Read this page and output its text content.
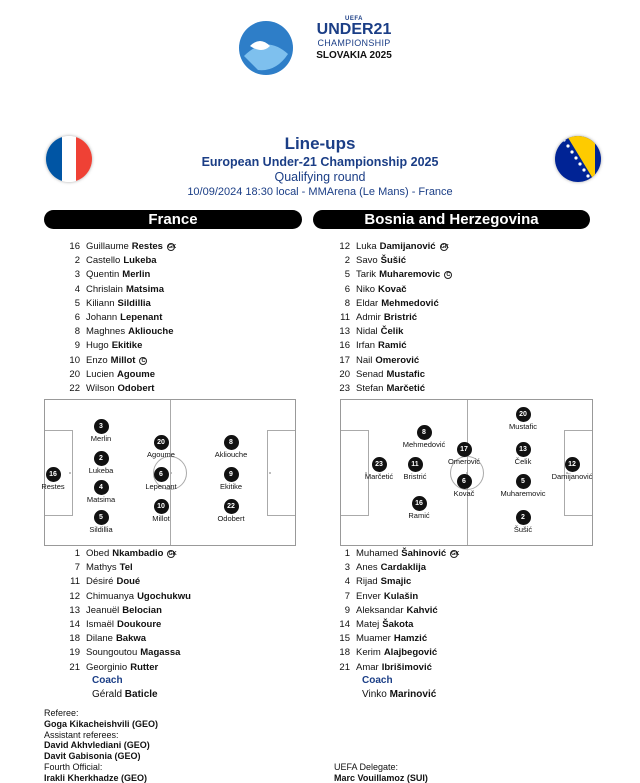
UEFA
UNDER21
CHAMPIONSHIP
SLOVAKIA 2025
Line-ups
European Under-21 Championship 2025
Qualifying round
10/09/2024 18:30 local - MMArena (Le Mans) - France
France	Bosnia and Herzegovina
16 Guillaume Restes GK
2 Castello Lukeba
3 Quentin Merlin
4 Chrislain Matsima
5 Kiliann Sildillia
6 Johann Lepenant
8 Maghnes Akliouche
9 Hugo Ekitike
10 Enzo Millot	C
20 Lucien Agoume
22 Wilson Odobert
12 Luka Damijanović GK
2 Savo Šušić
5 Tarik Muharemovic	C
6 Niko Kovač
8 Eldar Mehmedović
11 Admir Bristrić
13 Nidal Čelik
16 Irfan Ramić
17 Nail Omerović
20 Senad Mustafic
23 Stefan Marčetić
16
Restes
3
Merlin
2
Lukeba
4
Matsima
5
Sildillia
20
Agoume
6
Lepenant
10
Millot
8
Akliouche
9
Ekitike
22
Odobert
8
Mehmedović
23
Marčetić
11
Bristrić
16
Ramić
17
Omerović
6
Kovač
20
Mustafic
13
Čelik
5
Muharemovic
2
Šušić
12
Damijanović
1 Obed Nkambadio GK
7 Mathys Tel
11 Désiré Doué
12 Chimuanya Ugochukwu
13 Jeanuël Belocian
14 Ismaël Doukoure
18 Dilane Bakwa
19 Soungoutou Magassa
21 Georginio Rutter
1 Muhamed Šahinović GK
3 Anes Cardaklija
4 Rijad Smajic
7 Enver Kulašin
9 Aleksandar Kahvić
14 Matej Šakota
15 Muamer Hamzić
18 Kerim Alajbegović
21 Amar Ibrišimović
Coach
Gérald Baticle
Coach
Vinko Marinović
Referee:
Goga Kikacheishvili (GEO)
Assistant referees:
David Akhvlediani (GEO)
Davit Gabisonia (GEO)
Fourth Official:
Irakli Kherkhadze (GEO)
UEFA Delegate:
Marc Vouillamoz (SUI)
